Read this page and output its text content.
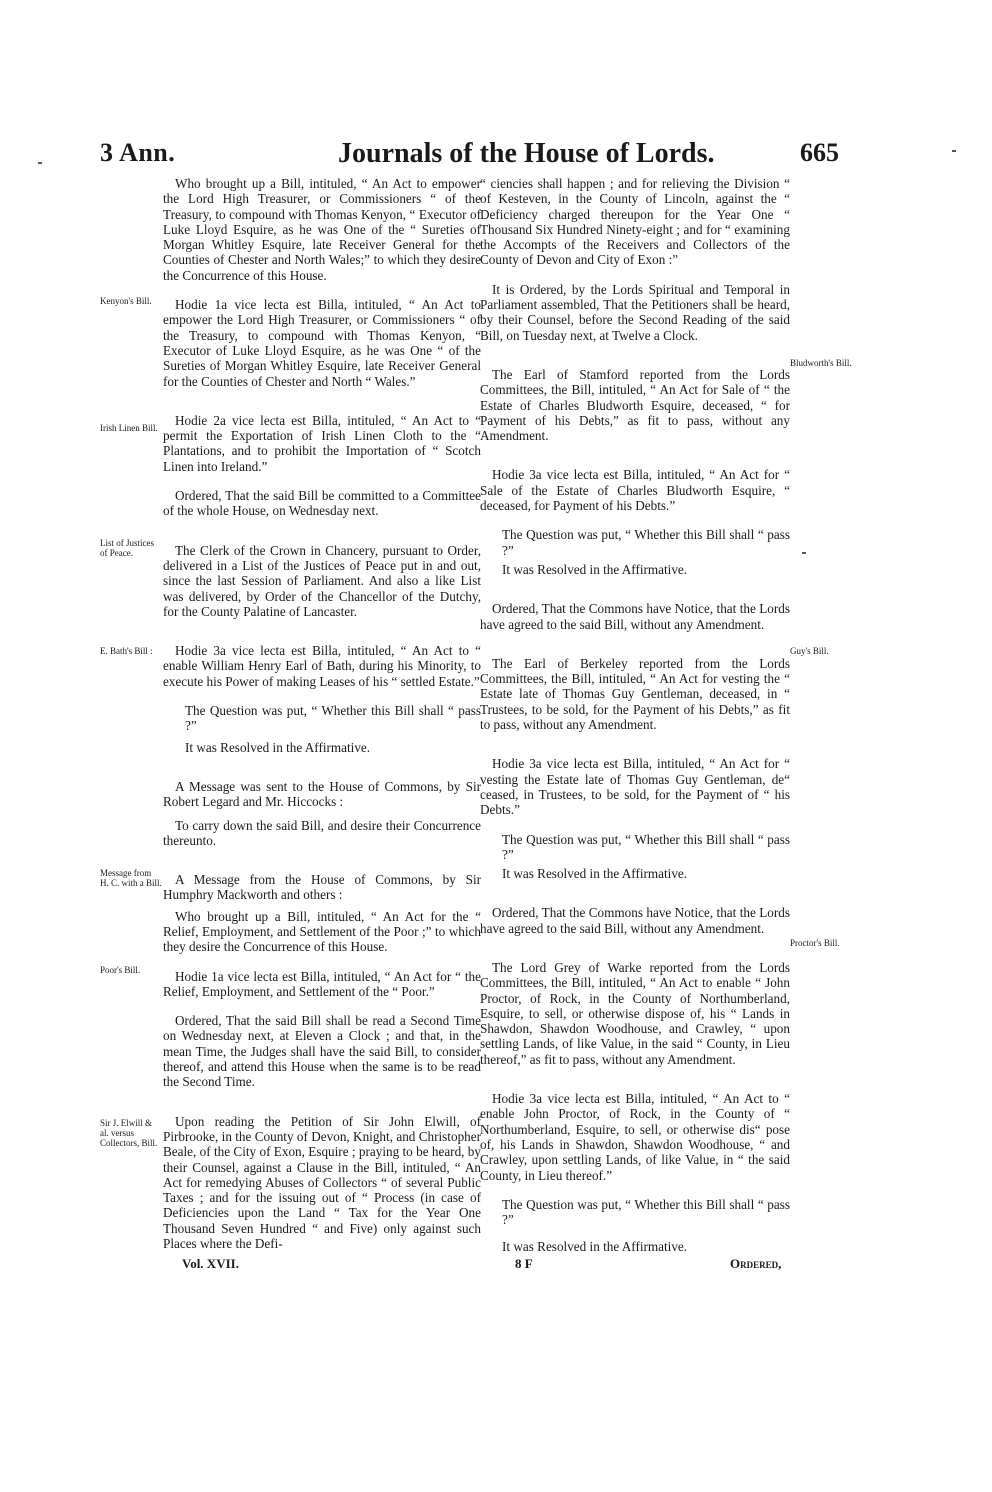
3 Ann.	Journals of the House of Lords.	665
Kenyon's Bill.
Irish Linen Bill.
List of Justices of Peace.
E. Bath's Bill :
Message from H. C. with a Bill.
Poor's Bill.
Sir J. Elwill & al. versus Collectors, Bill.
Bludworth's Bill.
Guy's Bill.
Proctor's Bill.

Who brought up a Bill, intituled, “ An Act to empower the Lord High Treasurer, or Commissioners “ of the Treasury, to compound with Thomas Kenyon, “ Executor of Luke Lloyd Esquire, as he was One of the “ Sureties of Morgan Whitley Esquire, late Receiver General for the Counties of Chester and North Wales;” to which they desire the Concurrence of this House.

Hodie 1a vice lecta est Billa, intituled, “ An Act to empower the Lord High Treasurer, or Commissioners “ of the Treasury, to compound with Thomas Kenyon, “ Executor of Luke Lloyd Esquire, as he was One “ of the Sureties of Morgan Whitley Esquire, late Receiver General for the Counties of Chester and North “ Wales.”

Hodie 2a vice lecta est Billa, intituled, “ An Act to “ permit the Exportation of Irish Linen Cloth to the “ Plantations, and to prohibit the Importation of “ Scotch Linen into Ireland.”

Ordered, That the said Bill be committed to a Committee of the whole House, on Wednesday next.

The Clerk of the Crown in Chancery, pursuant to Order, delivered in a List of the Justices of Peace put in and out, since the last Session of Parliament. And also a like List was delivered, by Order of the Chancellor of the Dutchy, for the County Palatine of Lancaster.

Hodie 3a vice lecta est Billa, intituled, “ An Act to “ enable William Henry Earl of Bath, during his Minority, to execute his Power of making Leases of his “ settled Estate.”

The Question was put, “ Whether this Bill shall “ pass ?”

It was Resolved in the Affirmative.

A Message was sent to the House of Commons, by Sir Robert Legard and Mr. Hiccocks :

To carry down the said Bill, and desire their Concurrence thereunto.

A Message from the House of Commons, by Sir Humphry Mackworth and others :

Who brought up a Bill, intituled, “ An Act for the “ Relief, Employment, and Settlement of the Poor ;” to which they desire the Concurrence of this House.

Hodie 1a vice lecta est Billa, intituled, “ An Act for “ the Relief, Employment, and Settlement of the “ Poor.”

Ordered, That the said Bill shall be read a Second Time on Wednesday next, at Eleven a Clock ; and that, in the mean Time, the Judges shall have the said Bill, to consider thereof, and attend this House when the same is to be read the Second Time.

Upon reading the Petition of Sir John Elwill, of Pirbrooke, in the County of Devon, Knight, and Christopher Beale, of the City of Exon, Esquire ; praying to be heard, by their Counsel, against a Clause in the Bill, intituled, “ An Act for remedying Abuses of Collectors “ of several Public Taxes ; and for the issuing out of “ Process (in case of Deficiencies upon the Land “ Tax for the Year One Thousand Seven Hundred “ and Five) only against such Places where the Defi-

“ ciencies shall happen ; and for relieving the Division “ of Kesteven, in the County of Lincoln, against the “ Deficiency charged thereupon for the Year One “ Thousand Six Hundred Ninety-eight ; and for “ examining the Accompts of the Receivers and Collectors of the County of Devon and City of Exon :”

It is Ordered, by the Lords Spiritual and Temporal in Parliament assembled, That the Petitioners shall be heard, by their Counsel, before the Second Reading of the said Bill, on Tuesday next, at Twelve a Clock.

The Earl of Stamford reported from the Lords Committees, the Bill, intituled, “ An Act for Sale of “ the Estate of Charles Bludworth Esquire, deceased, “ for Payment of his Debts,” as fit to pass, without any Amendment.

Hodie 3a vice lecta est Billa, intituled, “ An Act for “ Sale of the Estate of Charles Bludworth Esquire, “ deceased, for Payment of his Debts.”

The Question was put, “ Whether this Bill shall “ pass ?”

It was Resolved in the Affirmative.

Ordered, That the Commons have Notice, that the Lords have agreed to the said Bill, without any Amendment.

The Earl of Berkeley reported from the Lords Committees, the Bill, intituled, “ An Act for vesting the “ Estate late of Thomas Guy Gentleman, deceased, in “ Trustees, to be sold, for the Payment of his Debts,” as fit to pass, without any Amendment.

Hodie 3a vice lecta est Billa, intituled, “ An Act for “ vesting the Estate late of Thomas Guy Gentleman, de“ ceased, in Trustees, to be sold, for the Payment of “ his Debts.”

The Question was put, “ Whether this Bill shall “ pass ?”

It was Resolved in the Affirmative.

Ordered, That the Commons have Notice, that the Lords have agreed to the said Bill, without any Amendment.

The Lord Grey of Warke reported from the Lords Committees, the Bill, intituled, “ An Act to enable “ John Proctor, of Rock, in the County of Northumberland, Esquire, to sell, or otherwise dispose of, his “ Lands in Shawdon, Shawdon Woodhouse, and Crawley, “ upon settling Lands, of like Value, in the said “ County, in Lieu thereof,” as fit to pass, without any Amendment.

Hodie 3a vice lecta est Billa, intituled, “ An Act to “ enable John Proctor, of Rock, in the County of “ Northumberland, Esquire, to sell, or otherwise dis“ pose of, his Lands in Shawdon, Shawdon Woodhouse, “ and Crawley, upon settling Lands, of like Value, in “ the said County, in Lieu thereof.”

The Question was put, “ Whether this Bill shall “ pass ?”

It was Resolved in the Affirmative.

Vol. XVII.	8 F	Ordered,
